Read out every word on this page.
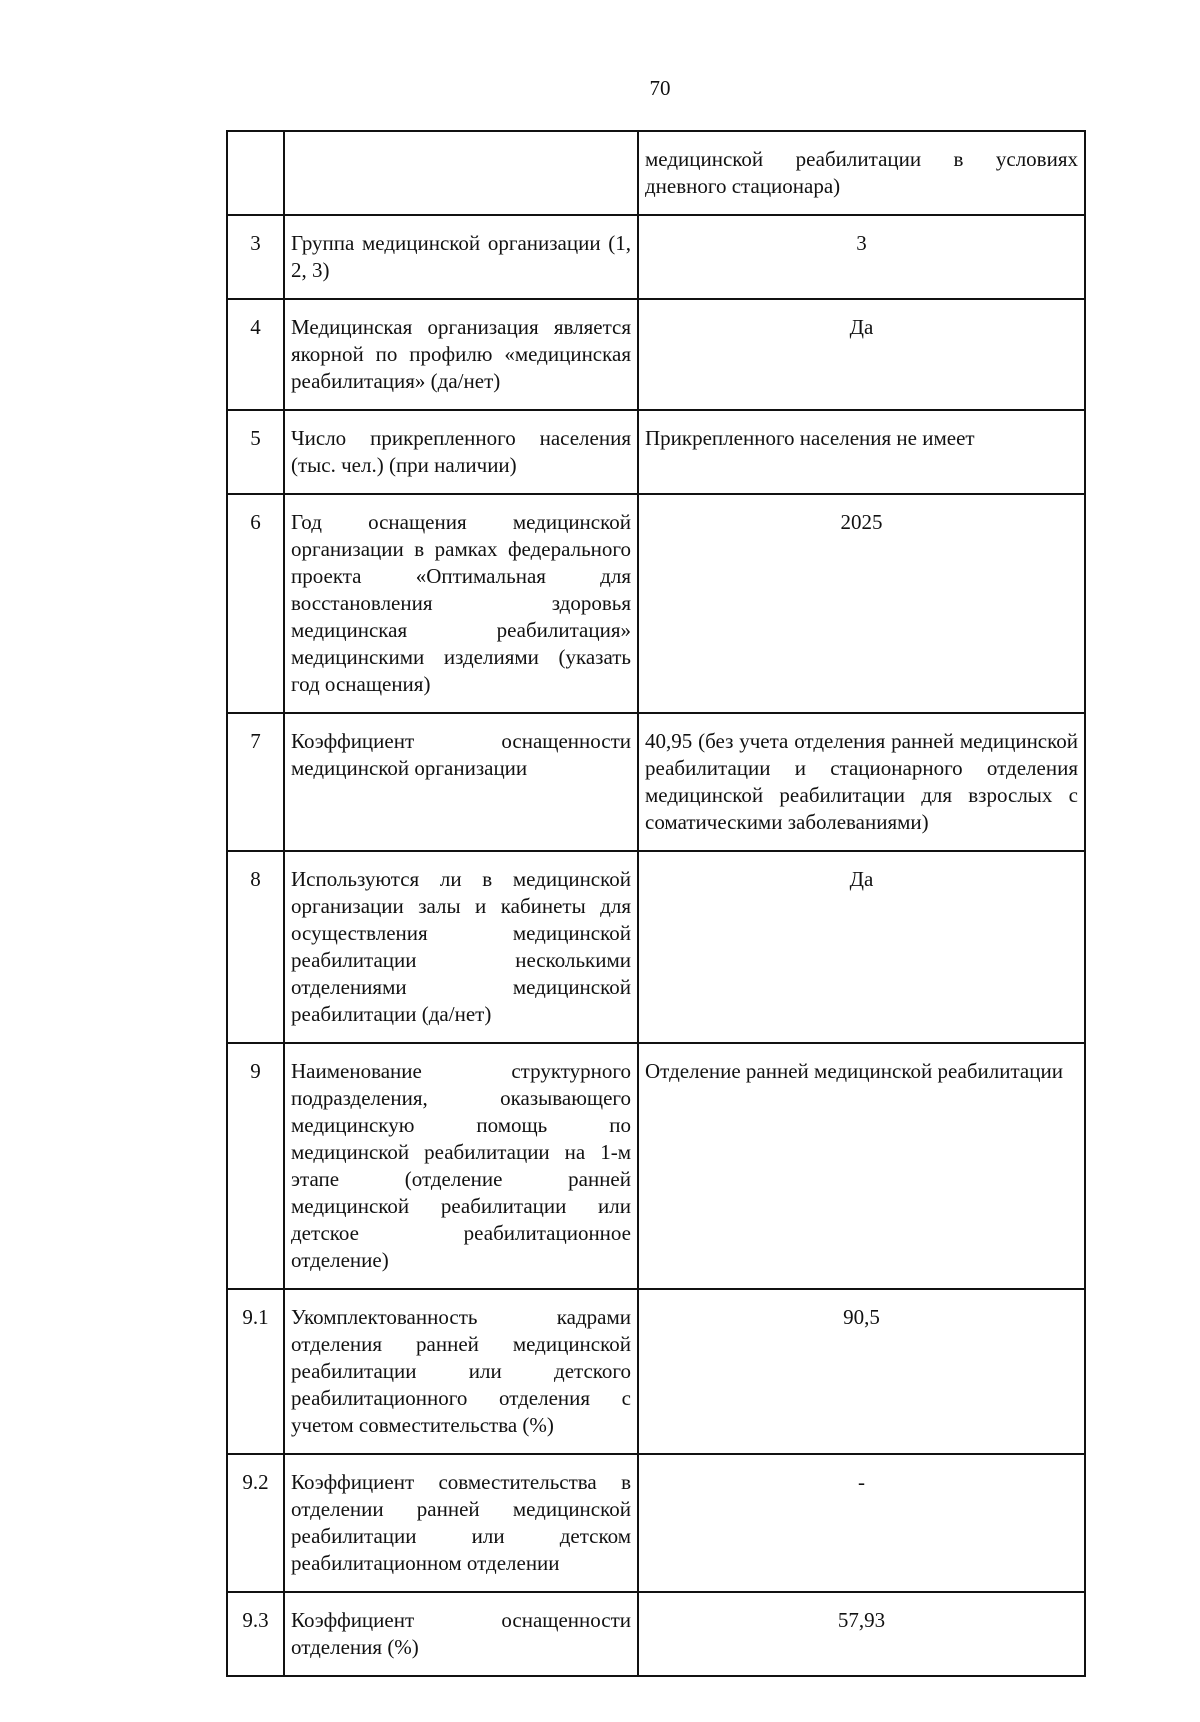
70
		медицинской реабилитации в условиях дневного стационара)
3	Группа медицинской организации (1, 2, 3)	3
4	Медицинская организация является якорной по профилю «медицинская реабилитация» (да/нет)	Да
5	Число прикрепленного населения (тыс. чел.) (при наличии)	Прикрепленного населения не имеет
6	Год оснащения медицинской организации в рамках федерального проекта «Оптимальная для восстановления здоровья медицинская реабилитация» медицинскими изделиями (указать год оснащения)	2025
7	Коэффициент оснащенности медицинской организации	40,95 (без учета отделения ранней медицинской реабилитации и стационарного отделения медицинской реабилитации для взрослых с соматическими заболеваниями)
8	Используются ли в медицинской организации залы и кабинеты для осуществления медицинской реабилитации несколькими отделениями медицинской реабилитации (да/нет)	Да
9	Наименование структурного подразделения, оказывающего медицинскую помощь по медицинской реабилитации на 1-м этапе (отделение ранней медицинской реабилитации или детское реабилитационное отделение)	Отделение ранней медицинской реабилитации
9.1	Укомплектованность кадрами отделения ранней медицинской реабилитации или детского реабилитационного отделения с учетом совместительства (%)	90,5
9.2	Коэффициент совместительства в отделении ранней медицинской реабилитации или детском реабилитационном отделении	-
9.3	Коэффициент оснащенности отделения (%)	57,93
